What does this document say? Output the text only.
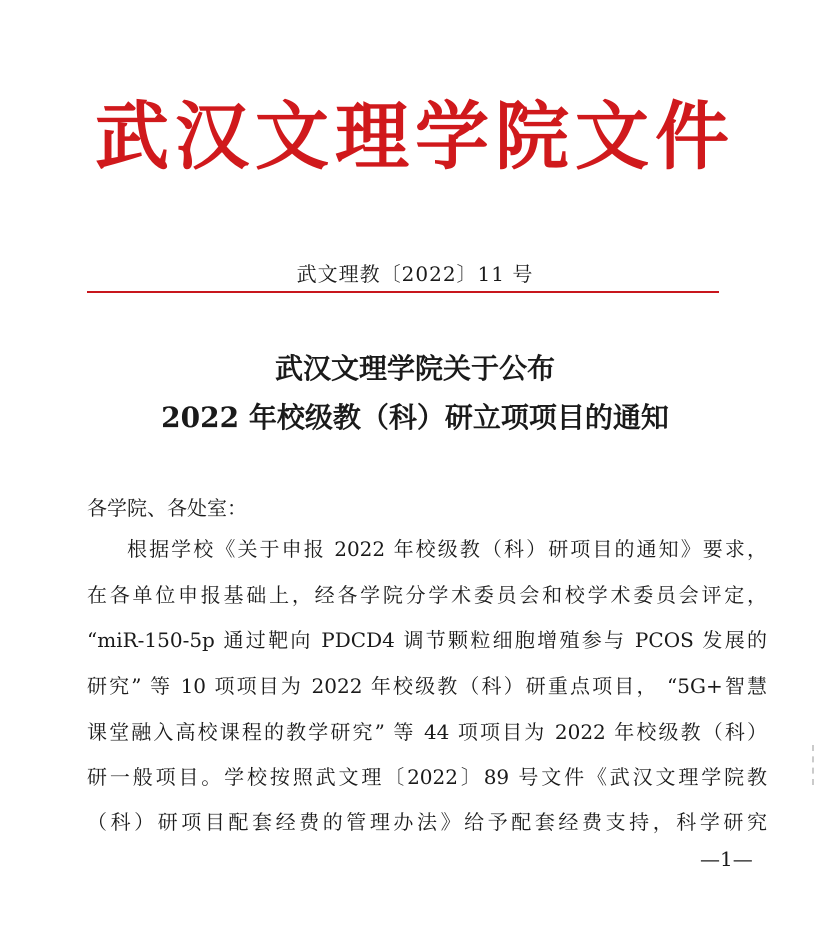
武汉文理学院文件
武文理教〔2022〕11 号
武汉文理学院关于公布
2022 年校级教（科）研立项项目的通知
各学院、各处室：
根据学校《关于申报 2022 年校级教（科）研项目的通知》要求，
在各单位申报基础上，经各学院分学术委员会和校学术委员会评定，
“miR-150-5p 通过靶向 PDCD4 调节颗粒细胞增殖参与 PCOS 发展的
研究” 等 10 项项目为 2022 年校级教（科）研重点项目， “5G+智慧
课堂融入高校课程的教学研究” 等 44 项项目为 2022 年校级教（科）
研一般项目。学校按照武文理〔2022〕89 号文件《武汉文理学院教
（科）研项目配套经费的管理办法》给予配套经费支持，科学研究
—1—
